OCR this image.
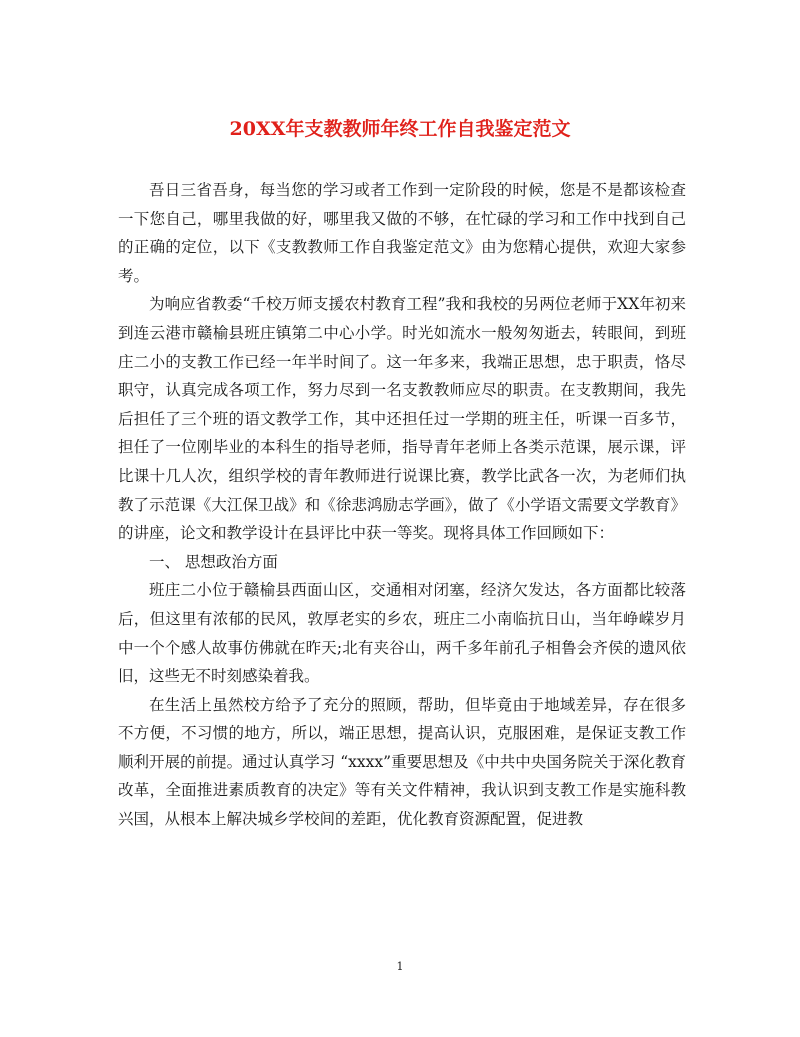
20XX年支教教师年终工作自我鉴定范文

吾日三省吾身，每当您的学习或者工作到一定阶段的时候，您是不是都该检查一下您自己，哪里我做的好，哪里我又做的不够，在忙碌的学习和工作中找到自己的正确的定位，以下《支教教师工作自我鉴定范文》由为您精心提供，欢迎大家参考。

为响应省教委“千校万师支援农村教育工程”我和我校的另两位老师于XX年初来到连云港市赣榆县班庄镇第二中心小学。时光如流水一般匆匆逝去，转眼间，到班庄二小的支教工作已经一年半时间了。这一年多来，我端正思想，忠于职责，恪尽职守，认真完成各项工作，努力尽到一名支教教师应尽的职责。在支教期间，我先后担任了三个班的语文教学工作，其中还担任过一学期的班主任，听课一百多节，担任了一位刚毕业的本科生的指导老师，指导青年老师上各类示范课，展示课，评比课十几人次，组织学校的青年教师进行说课比赛，教学比武各一次，为老师们执教了示范课《大江保卫战》和《徐悲鸿励志学画》，做了《小学语文需要文学教育》的讲座，论文和教学设计在县评比中获一等奖。现将具体工作回顾如下：

一、 思想政治方面

班庄二小位于赣榆县西面山区，交通相对闭塞，经济欠发达，各方面都比较落后，但这里有浓郁的民风，敦厚老实的乡农，班庄二小南临抗日山，当年峥嵘岁月中一个个感人故事仿佛就在昨天;北有夹谷山，两千多年前孔子相鲁会齐侯的遗风依旧，这些无不时刻感染着我。

在生活上虽然校方给予了充分的照顾，帮助，但毕竟由于地域差异，存在很多不方便，不习惯的地方，所以，端正思想，提高认识，克服困难，是保证支教工作顺利开展的前提。通过认真学习 “xxxx”重要思想及《中共中央国务院关于深化教育改革，全面推进素质教育的决定》等有关文件精神，我认识到支教工作是实施科教兴国，从根本上解决城乡学校间的差距，优化教育资源配置，促进教

1
